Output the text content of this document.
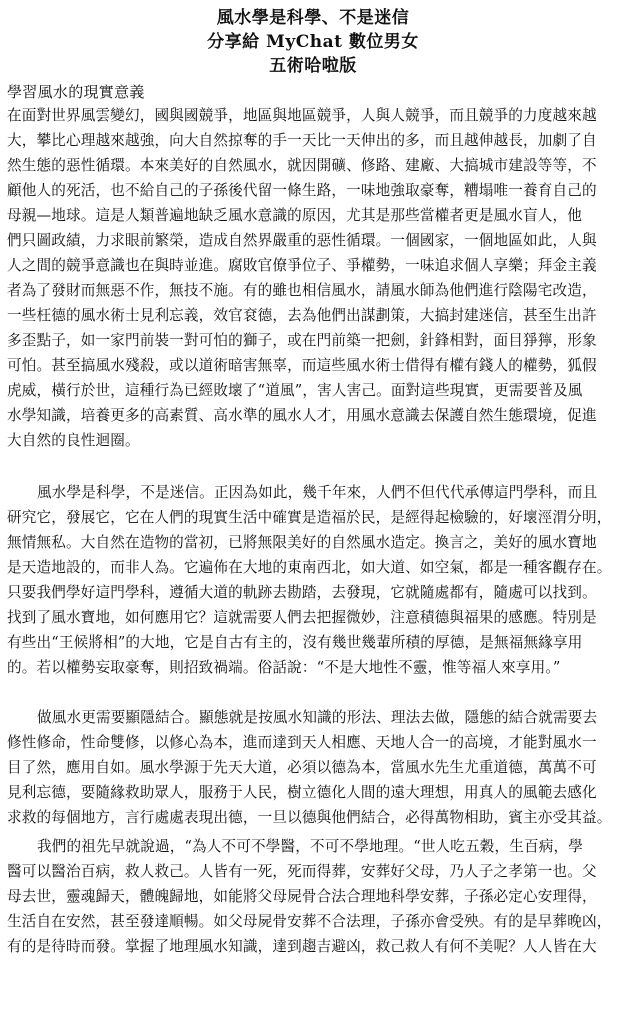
風水學是科學、不是迷信

分享給 MyChat 數位男女

五術哈啦版

學習風水的現實意義

在面對世界風雲變幻，國與國競爭，地區與地區競爭，人與人競爭，而且競爭的力度越來越
大，攀比心理越來越強，向大自然掠奪的手一天比一天伸出的多，而且越伸越長，加劇了自
然生態的惡性循環。本來美好的自然風水，就因開礦、修路、建廠、大搞城市建設等等，不
顧他人的死活，也不給自己的子孫後代留一條生路，一味地強取豪奪，糟塌唯一養育自己的
母親—地球。這是人類普遍地缺乏風水意識的原因，尤其是那些當權者更是風水盲人，他
們只圖政績，力求眼前繁榮，造成自然界嚴重的惡性循環。一個國家，一個地區如此，人與
人之間的競爭意識也在與時並進。腐敗官僚爭位子、爭權勢，一味追求個人享樂；拜金主義
者為了發財而無惡不作，無技不施。有的雖也相信風水，請風水師為他們進行陰陽宅改造，
一些枉德的風水術士見利忘義，效官袞德，去為他們出謀劃策，大搞封建迷信，甚至生出許
多歪點子，如一家門前裝一對可怕的獅子，或在門前築一把劍，針鋒相對，面目猙獰，形象
可怕。甚至搞風水殘殺，或以道術暗害無辜，而這些風水術士借得有權有錢人的權勢，狐假
虎威，橫行於世，這種行為已經敗壞了“道風”，害人害己。面對這些現實，更需要普及風
水學知識，培養更多的高素質、高水準的風水人才，用風水意識去保護自然生態環境，促進
大自然的良性迴圈。
風水學是科學，不是迷信。正因為如此，幾千年來，人們不但代代承傳這門學科，而且
研究它，發展它，它在人們的現實生活中確實是造福於民，是經得起檢驗的，好壞涇渭分明，
無情無私。大自然在造物的當初，已將無限美好的自然風水造定。換言之，美好的風水寶地
是天造地設的，而非人為。它遍佈在大地的東南西北，如大道、如空氣，都是一種客觀存在。
只要我們學好這門學科，遵循大道的軌跡去勘踏，去發現，它就隨處都有，隨處可以找到。
找到了風水寶地，如何應用它？這就需要人們去把握微妙，注意積德與福果的感應。特別是
有些出“王候將相”的大地，它是自古有主的，沒有幾世幾輩所積的厚德，是無福無緣享用
的。若以權勢妄取豪奪，則招致禍端。俗話說：“不是大地性不靈，惟等福人來享用。”
做風水更需要顯隱結合。顯態就是按風水知識的形法、理法去做，隱態的結合就需要去
修性修命，性命雙修，以修心為本，進而達到天人相應、天地人合一的高境，才能對風水一
目了然，應用自如。風水學源于先天大道，必須以德為本，當風水先生尤重道德，萬萬不可
見利忘德，要隨緣救助眾人，服務于人民，樹立德化人間的遠大理想，用真人的風範去感化
求救的每個地方，言行處處表現出德，一旦以德與他們結合，必得萬物相助，賓主亦受其益。
我們的祖先早就說過，“為人不可不學醫，不可不學地理。“世人吃五穀，生百病，學
醫可以醫治百病，救人救己。人皆有一死，死而得葬，安葬好父母，乃人子之孝第一也。父
母去世，靈魂歸天，體魄歸地，如能將父母屍骨合法合理地科學安葬，子孫必定心安理得，
生活自在安然，甚至發達順暢。如父母屍骨安葬不合法理，子孫亦會受殃。有的是早葬晚凶，
有的是待時而發。掌握了地理風水知識，達到趨吉避凶，救己救人有何不美呢？人人皆在大
